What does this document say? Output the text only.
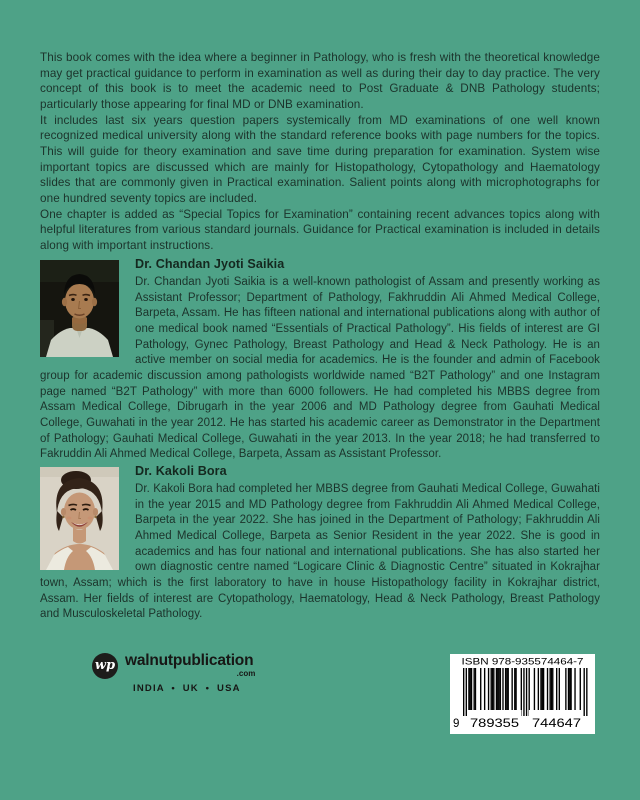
This book comes with the idea where a beginner in Pathology, who is fresh with the theoretical knowledge may get practical guidance to perform in examination as well as during their day to day practice. The very concept of this book is to meet the academic need to Post Graduate & DNB Pathology students; particularly those appearing for final MD or DNB examination.

It includes last six years question papers systemically from MD examinations of one well known recognized medical university along with the standard reference books with page numbers for the topics. This will guide for theory examination and save time during preparation for examination. System wise important topics are discussed which are mainly for Histopathology, Cytopathology and Haematology slides that are commonly given in Practical examination. Salient points along with microphotographs for one hundred seventy topics are included.

One chapter is added as “Special Topics for Examination” containing recent advances topics along with helpful literatures from various standard journals. Guidance for Practical examination is included in details along with important instructions.

Dr. Chandan Jyoti Saikia

Dr. Chandan Jyoti Saikia is a well-known pathologist of Assam and presently working as Assistant Professor; Department of Pathology, Fakhruddin Ali Ahmed Medical College, Barpeta, Assam. He has fifteen national and international publications along with author of one medical book named “Essentials of Practical Pathology”. His fields of interest are GI Pathology, Gynec Pathology, Breast Pathology and Head & Neck Pathology. He is an active member on social media for academics. He is the founder and admin of Facebook group for academic discussion among pathologists worldwide named “B2T Pathology” and one Instagram page named “B2T Pathology” with more than 6000 followers. He had completed his MBBS degree from Assam Medical College, Dibrugarh in the year 2006 and MD Pathology degree from Gauhati Medical College, Guwahati in the year 2012. He has started his academic career as Demonstrator in the Department of Pathology; Gauhati Medical College, Guwahati in the year 2013. In the year 2018; he had transferred to Fakruddin Ali Ahmed Medical College, Barpeta, Assam as Assistant Professor.

Dr. Kakoli Bora

Dr. Kakoli Bora had completed her MBBS degree from Gauhati Medical College, Guwahati in the year 2015 and MD Pathology degree from Fakhruddin Ali Ahmed Medical College, Barpeta in the year 2022. She has joined in the Department of Pathology; Fakhruddin Ali Ahmed Medical College, Barpeta as Senior Resident in the year 2022. She is good in academics and has four national and international publications. She has also started her own diagnostic centre named “Logicare Clinic & Diagnostic Centre” situated in Kokrajhar town, Assam; which is the first laboratory to have in house Histopathology facility in Kokrajhar district, Assam. Her fields of interest are Cytopathology, Haematology, Head & Neck Pathology, Breast Pathology and Musculoskeletal Pathology.

wp walnutpublication
.com
INDIA • UK • USA
ISBN 978-935574464-7
9 789355 744647
